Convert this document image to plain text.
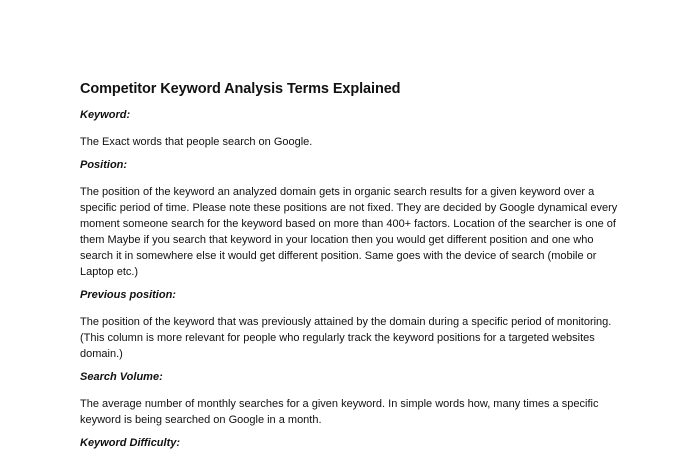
Competitor Keyword Analysis Terms Explained
Keyword:

The Exact words that people search on Google.

Position:

The position of the keyword an analyzed domain gets in organic search results for a given keyword over a specific period of time. Please note these positions are not fixed. They are decided by Google dynamical every moment someone search for the keyword based on more than 400+ factors. Location of the searcher is one of them Maybe if you search that keyword in your location then you would get different position and one who search it in somewhere else it would get different position. Same goes with the device of search (mobile or Laptop etc.)

Previous position:

The position of the keyword that was previously attained by the domain during a specific period of monitoring. (This column is more relevant for people who regularly track the keyword positions for a targeted websites domain.)

Search Volume:

The average number of monthly searches for a given keyword. In simple words how, many times a specific keyword is being searched on Google in a month.

Keyword Difficulty:
